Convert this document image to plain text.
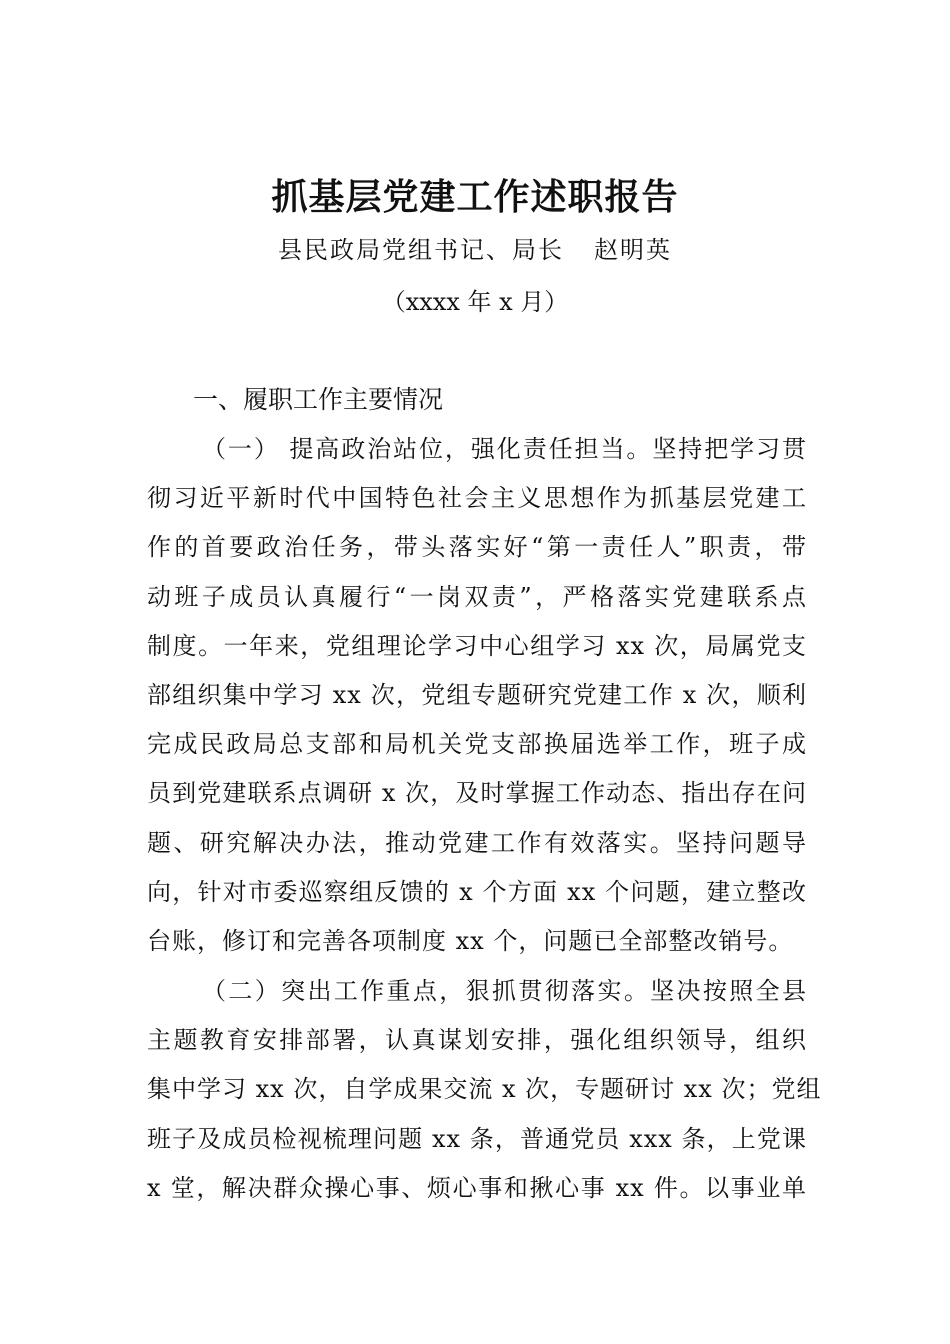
抓基层党建工作述职报告
县民政局党组书记、局长 赵明英
（xxxx 年 x 月）
一、履职工作主要情况
（一） 提高政治站位，强化责任担当。坚持把学习贯
彻习近平新时代中国特色社会主义思想作为抓基层党建工
作的首要政治任务，带头落实好“第一责任人”职责，带
动班子成员认真履行“一岗双责”，严格落实党建联系点
制度。一年来，党组理论学习中心组学习 xx 次，局属党支
部组织集中学习 xx 次，党组专题研究党建工作 x 次，顺利
完成民政局总支部和局机关党支部换届选举工作，班子成
员到党建联系点调研 x 次，及时掌握工作动态、指出存在问
题、研究解决办法，推动党建工作有效落实。坚持问题导
向，针对市委巡察组反馈的 x 个方面 xx 个问题，建立整改
台账，修订和完善各项制度 xx 个，问题已全部整改销号。
（二）突出工作重点，狠抓贯彻落实。坚决按照全县
主题教育安排部署，认真谋划安排，强化组织领导，组织
集中学习 xx 次，自学成果交流 x 次，专题研讨 xx 次；党组
班子及成员检视梳理问题 xx 条，普通党员 xxx 条，上党课
x 堂，解决群众操心事、烦心事和揪心事 xx 件。以事业单
